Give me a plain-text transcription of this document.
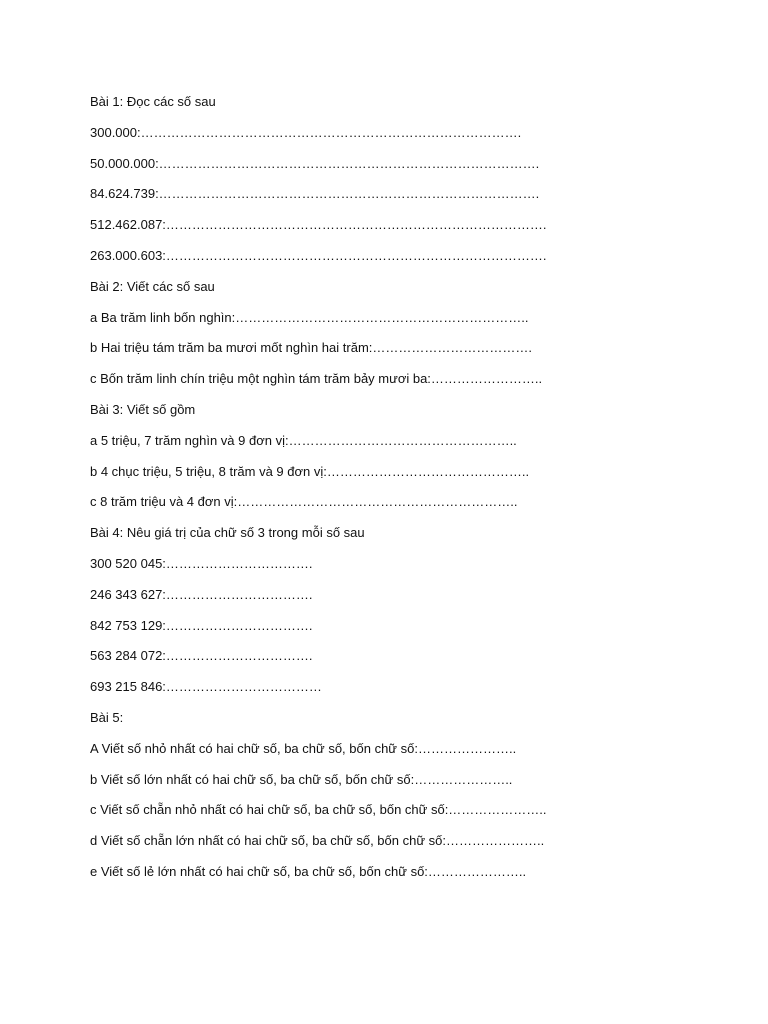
Bài 1: Đọc các số sau
300.000:…………………………………………………………………………….
50.000.000:…………………………………………………………………………….
84.624.739:…………………………………………………………………………….
512.462.087:…………………………………………………………………………….
263.000.603:…………………………………………………………………………….
Bài 2: Viết các số sau
a Ba trăm linh bốn nghìn:…………………………………………………………..
b Hai triệu tám trăm ba mươi mốt nghìn hai trăm:……………………………….
c Bốn trăm linh chín triệu một nghìn tám trăm bảy mươi ba:……………………..
Bài 3: Viết số gồm
a 5 triệu, 7 trăm nghìn và 9 đơn vị:……………………………………………..
b 4 chục triệu, 5 triệu, 8 trăm và 9 đơn vị:………………………………………..
c 8 trăm triệu và 4 đơn vị:………………………………………………………..
Bài 4: Nêu giá trị của chữ số 3 trong mỗi số sau
300 520 045:…………………………….
246 343 627:…………………………….
842 753 129:…………………………….
563 284 072:…………………………….
693 215 846:………………………………
Bài 5:
A Viết số nhỏ nhất có hai chữ số, ba chữ số, bốn chữ số:…………………..
b Viết số lớn nhất có hai chữ số, ba chữ số, bốn chữ số:…………………..
c Viết số chẵn nhỏ nhất có hai chữ số, ba chữ số, bốn chữ số:…………………..
d Viết số chẵn lớn nhất có hai chữ số, ba chữ số, bốn chữ số:…………………..
e Viết số lẻ lớn nhất có hai chữ số, ba chữ số, bốn chữ số:…………………..
